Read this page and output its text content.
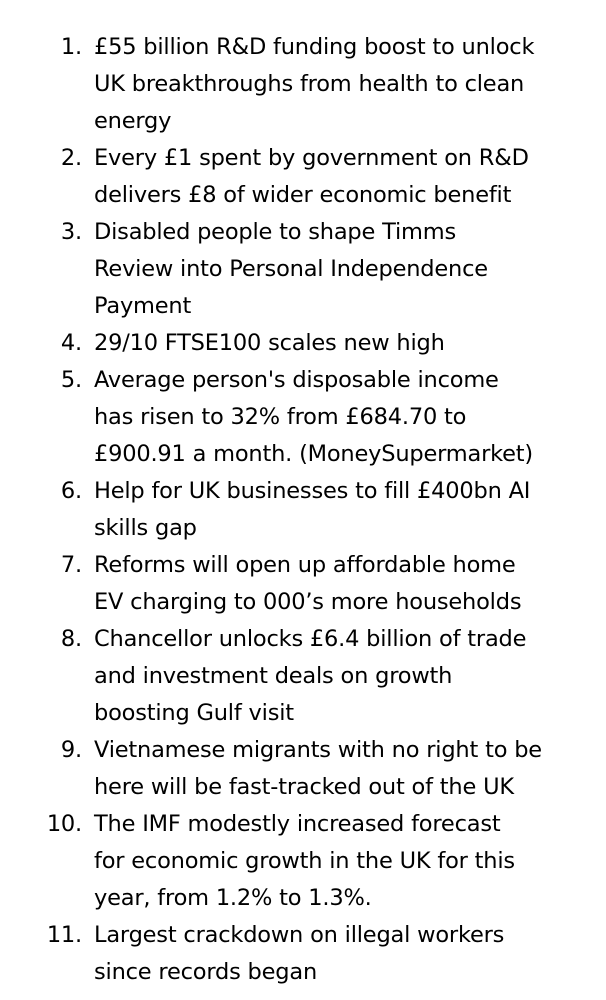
1. £55 billion R&D funding boost to unlock
UK breakthroughs from health to clean
energy
2. Every £1 spent by government on R&D
delivers £8 of wider economic benefit
3. Disabled people to shape Timms
Review into Personal Independence
Payment
4. 29/10 FTSE100 scales new high
5. Average person's disposable income
has risen to 32% from £684.70 to
£900.91 a month. (MoneySupermarket)
6. Help for UK businesses to fill £400bn AI
skills gap
7. Reforms will open up affordable home
EV charging to 000’s more households
8. Chancellor unlocks £6.4 billion of trade
and investment deals on growth
boosting Gulf visit
9. Vietnamese migrants with no right to be
here will be fast-tracked out of the UK
10. The IMF modestly increased forecast
for economic growth in the UK for this
year, from 1.2% to 1.3%.
11. Largest crackdown on illegal workers
since records began
